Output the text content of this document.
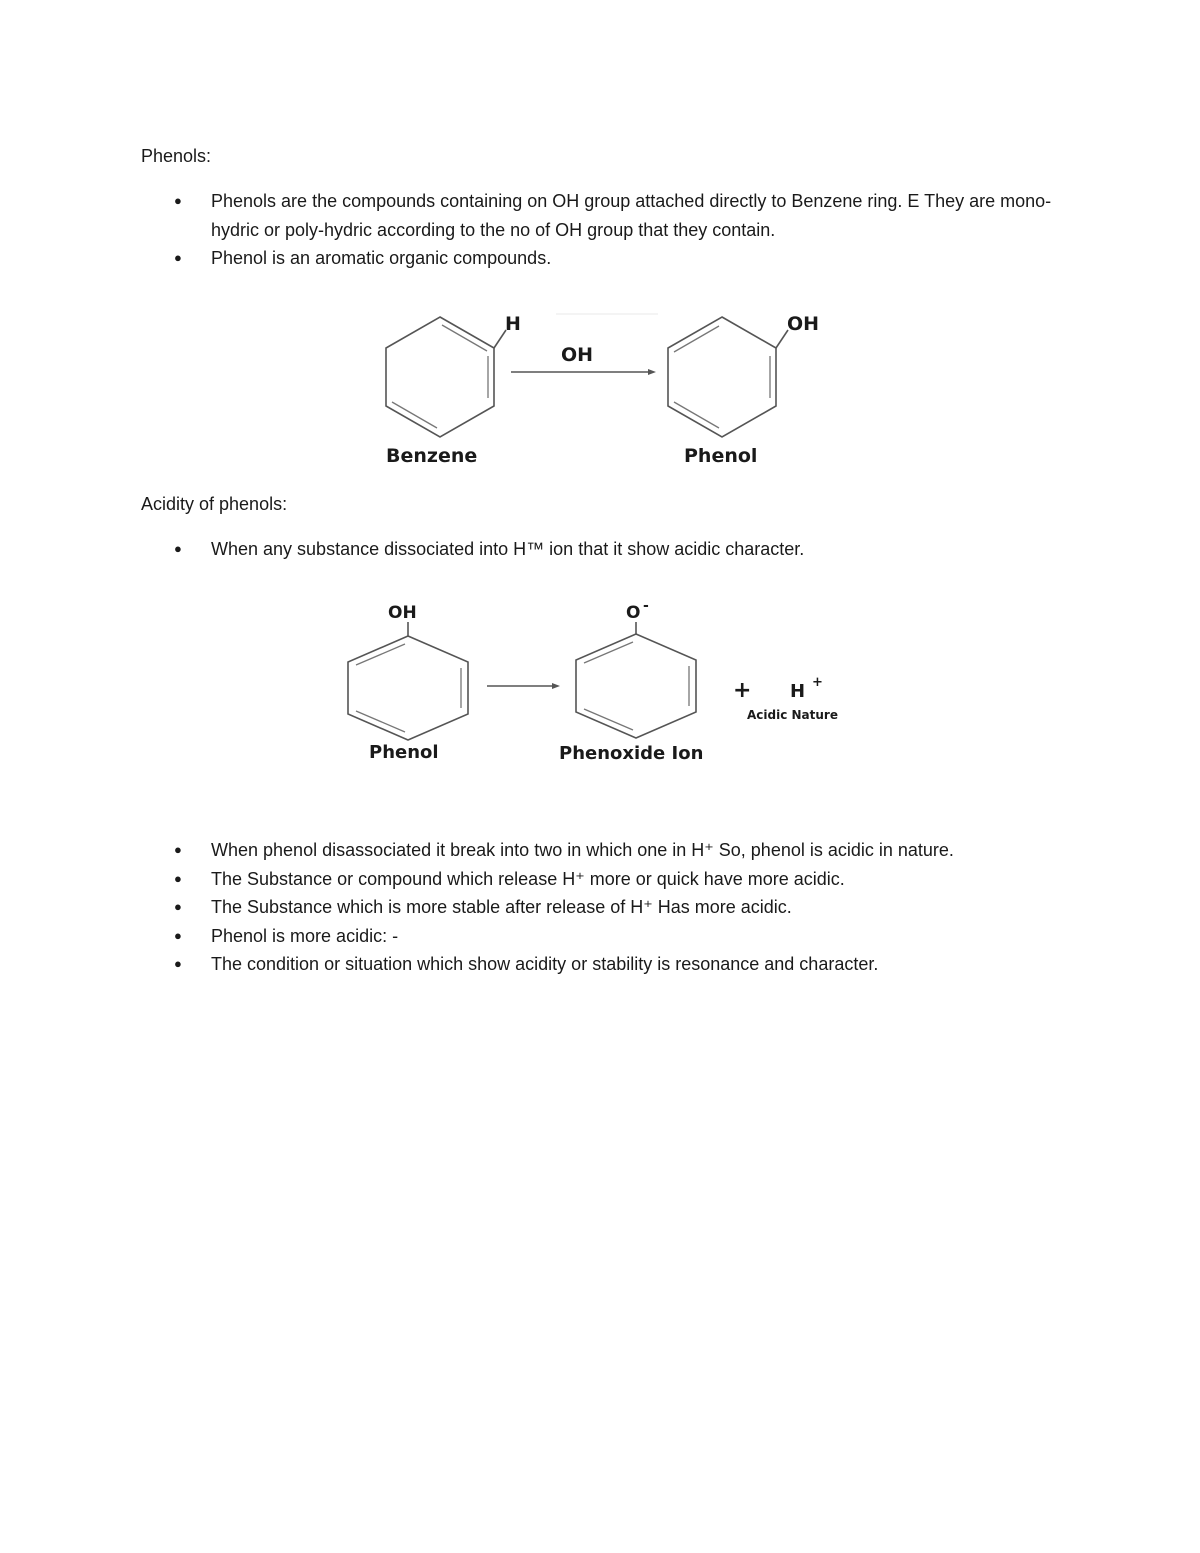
Phenols:
● Phenols are the compounds containing on OH group attached directly to Benzene ring. E They are mono-hydric or poly-hydric according to the no of OH group that they contain.
● Phenol is an aromatic organic compounds.
H
OH
OH
Benzene	Phenol
Acidity of phenols:
● When any substance dissociated into H™ ion that it show acidic character.
OH	O -
+ H +
Acidic Nature
Phenol	Phenoxide Ion
● When phenol disassociated it break into two in which one in H⁺ So, phenol is acidic in nature.
● The Substance or compound which release H⁺ more or quick have more acidic.
● The Substance which is more stable after release of H⁺ Has more acidic.
● Phenol is more acidic: -
● The condition or situation which show acidity or stability is resonance and character.
